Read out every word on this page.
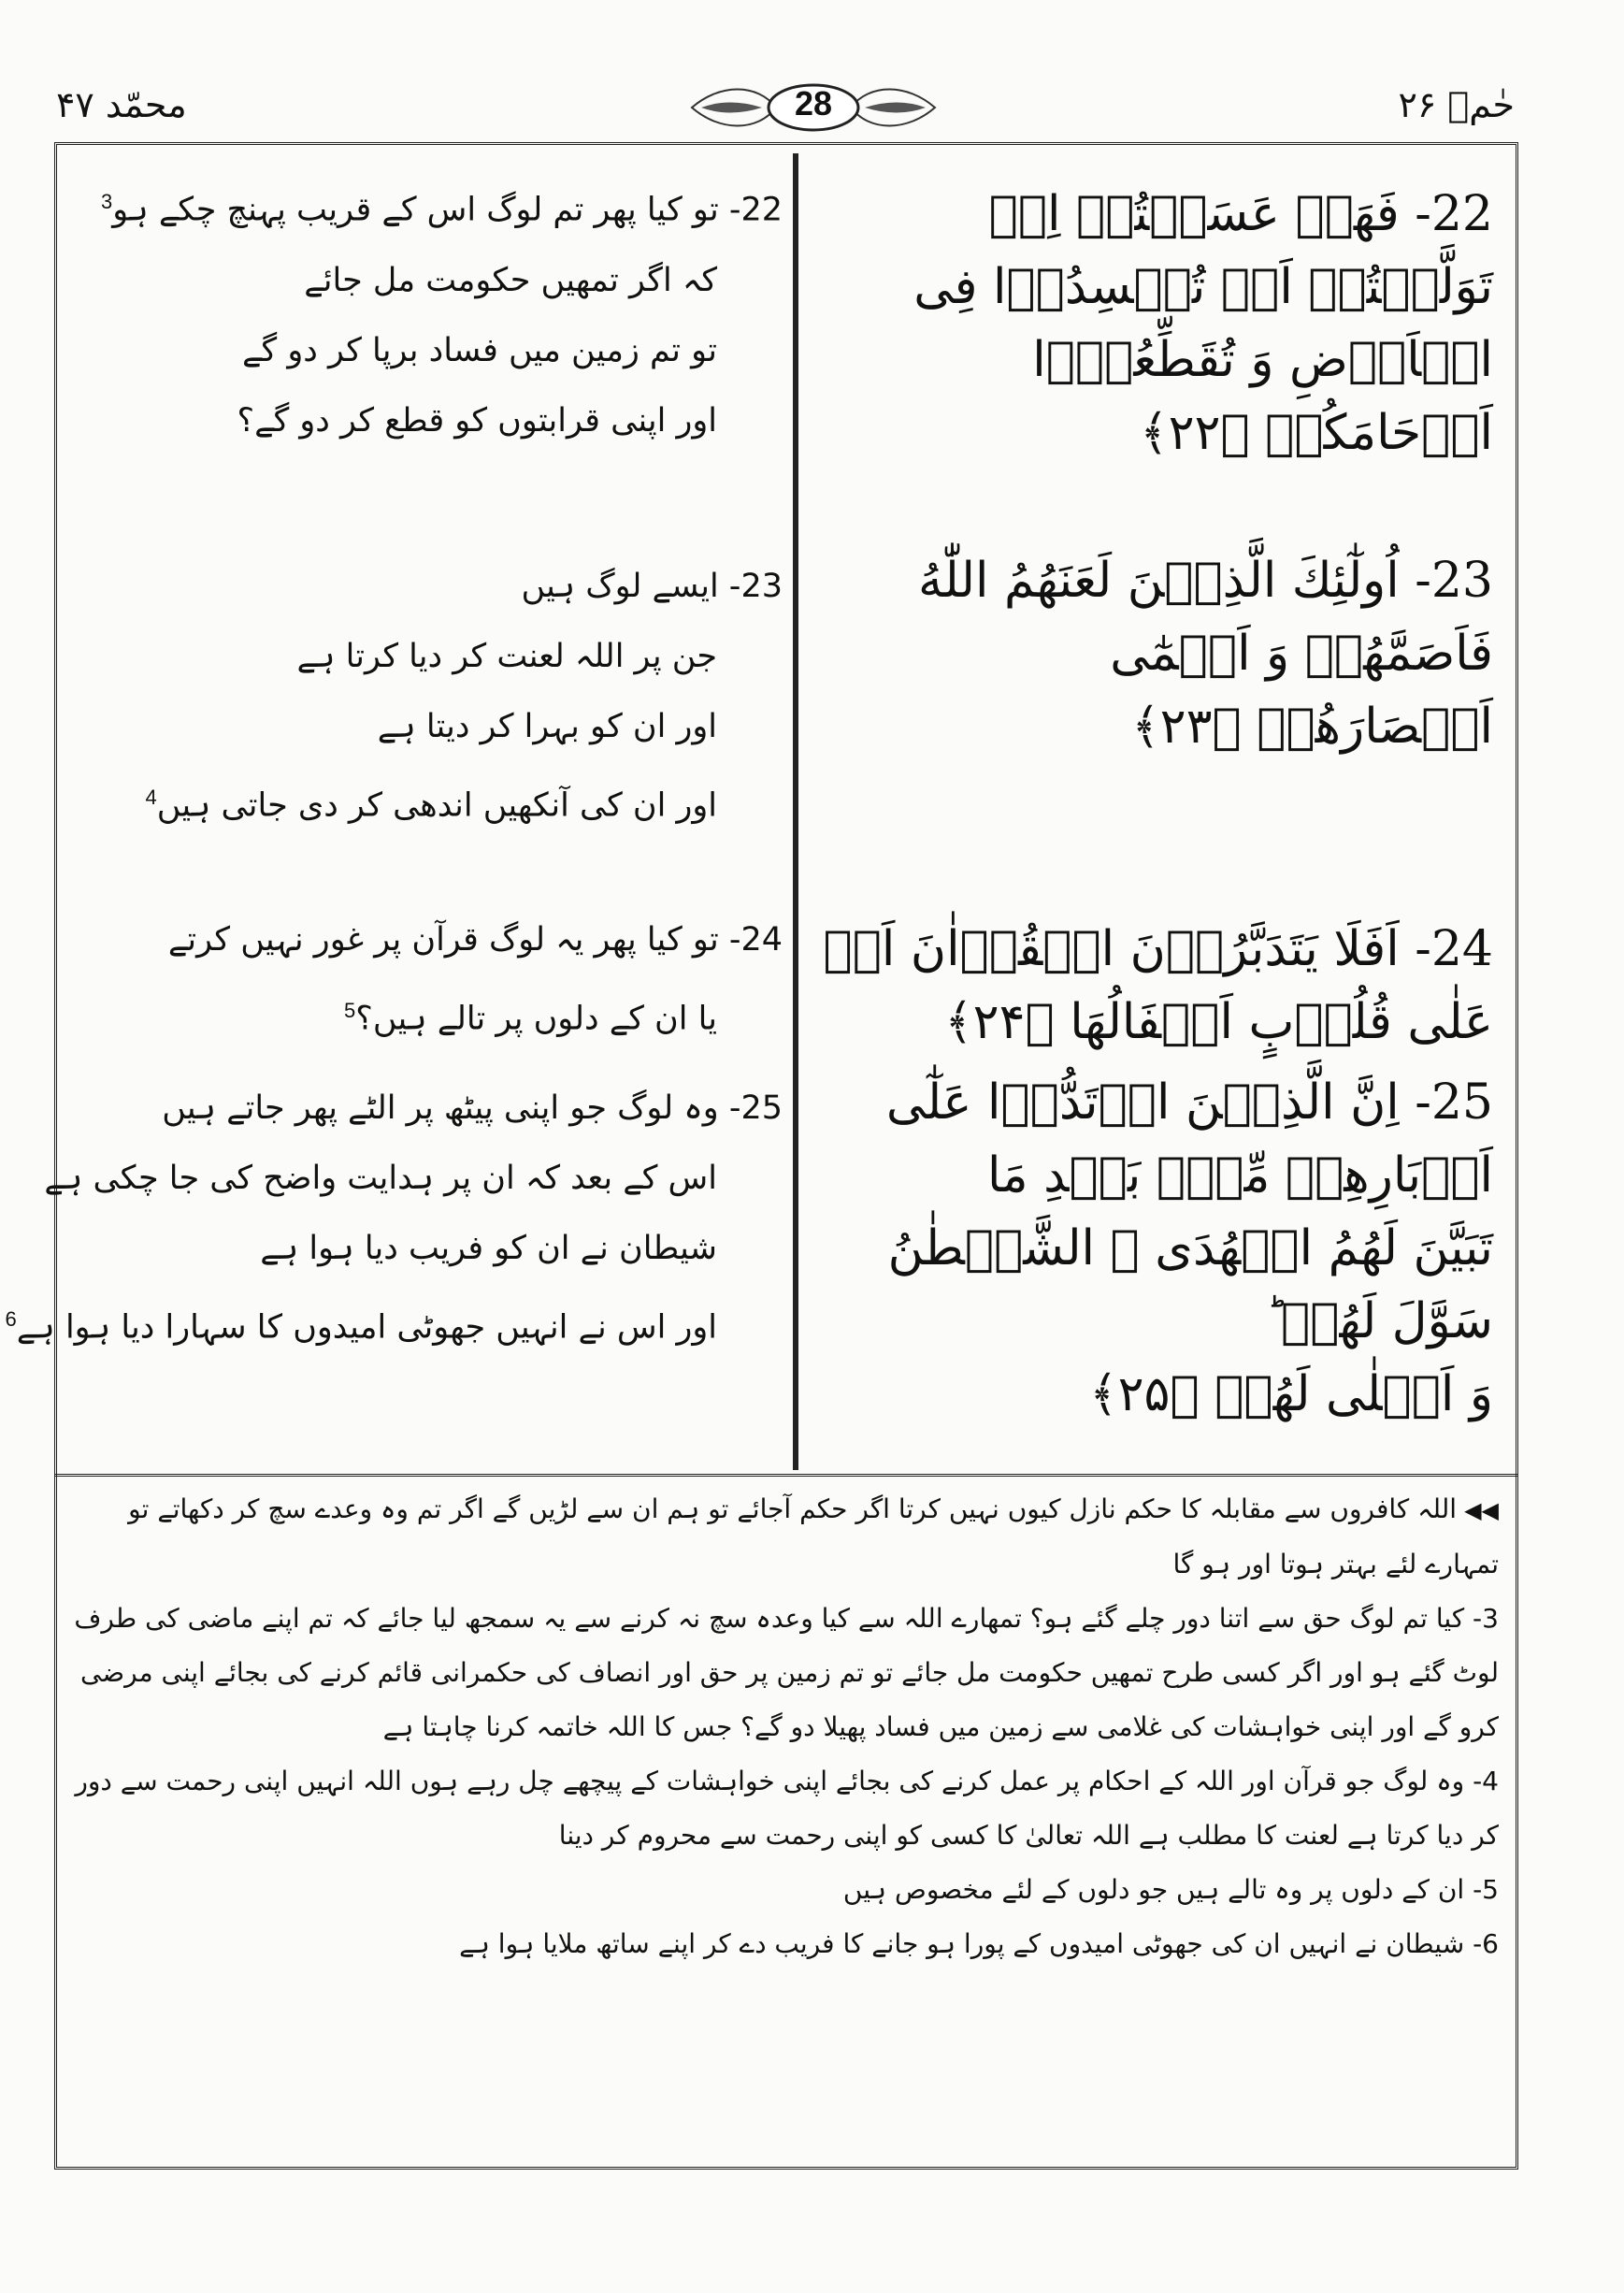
محمّد ۴۷	28	حٰمۤ ۲۶
22- فَهَلۡ عَسَيۡتُمۡ اِنۡ تَوَلَّيۡتُمۡ اَنۡ تُفۡسِدُوۡا فِى
الۡاَرۡضِ وَ تُقَطِّعُوۡۤا اَرۡحَامَكُمۡ ﴿۲۲﴾
22- تو کیا پھر تم لوگ اس کے قریب پہنچ چکے ہو$^3$
کہ اگر تمھیں حکومت مل جائے
تو تم زمین میں فساد برپا کر دو گے
اور اپنی قرابتوں کو قطع کر دو گے؟
23- اُولٰٓئِكَ الَّذِيۡنَ لَعَنَهُمُ اللّٰهُ فَاَصَمَّهُمۡ وَ اَعۡمٰٓى
اَبۡصَارَهُمۡ ﴿۲۳﴾
23- ایسے لوگ ہیں
جن پر اللہ لعنت کر دیا کرتا ہے
اور ان کو بہرا کر دیتا ہے
اور ان کی آنکھیں اندھی کر دی جاتی ہیں$^4$
24- اَفَلَا يَتَدَبَّرُوۡنَ الۡقُرۡاٰنَ اَمۡ عَلٰى قُلُوۡبٍ اَقۡفَالُهَا ﴿۲۴﴾
24- تو کیا پھر یہ لوگ قرآن پر غور نہیں کرتے
یا ان کے دلوں پر تالے ہیں؟$^5$
25- اِنَّ الَّذِيۡنَ ارۡتَدُّوۡا عَلٰٓى اَدۡبَارِهِمۡ مِّنۡۢ بَعۡدِ مَا
تَبَيَّنَ لَهُمُ الۡهُدَى ۙ الشَّيۡطٰنُ سَوَّلَ لَهُمۡ ؕ
وَ اَمۡلٰى لَهُمۡ ﴿۲۵﴾
25- وہ لوگ جو اپنی پیٹھ پر الٹے پھر جاتے ہیں
اس کے بعد کہ ان پر ہدایت واضح کی جا چکی ہے
شیطان نے ان کو فریب دیا ہوا ہے
اور اس نے انہیں جھوٹی امیدوں کا سہارا دیا ہوا ہے$^6$

◀◀اللہ کافروں سے مقابلہ کا حکم نازل کیوں نہیں کرتا اگر حکم آجائے تو ہم ان سے لڑیں گے اگر تم وہ وعدے سچ کر دکھاتے تو تمہارے لئے بہتر ہوتا اور ہو گا

3- کیا تم لوگ حق سے اتنا دور چلے گئے ہو؟ تمھارے اللہ سے کیا وعدہ سچ نہ کرنے سے یہ سمجھ لیا جائے کہ تم اپنے ماضی کی طرف لوٹ گئے ہو اور اگر کسی طرح تمھیں حکومت مل جائے تو تم زمین پر حق اور انصاف کی حکمرانی قائم کرنے کی بجائے اپنی مرضی کرو گے اور اپنی خواہشات کی غلامی سے زمین میں فساد پھیلا دو گے؟ جس کا اللہ خاتمہ کرنا چاہتا ہے

4- وہ لوگ جو قرآن اور اللہ کے احکام پر عمل کرنے کی بجائے اپنی خواہشات کے پیچھے چل رہے ہوں اللہ انہیں اپنی رحمت سے دور کر دیا کرتا ہے لعنت کا مطلب ہے اللہ تعالیٰ کا کسی کو اپنی رحمت سے محروم کر دینا

5- ان کے دلوں پر وہ تالے ہیں جو دلوں کے لئے مخصوص ہیں

6- شیطان نے انہیں ان کی جھوٹی امیدوں کے پورا ہو جانے کا فریب دے کر اپنے ساتھ ملایا ہوا ہے
